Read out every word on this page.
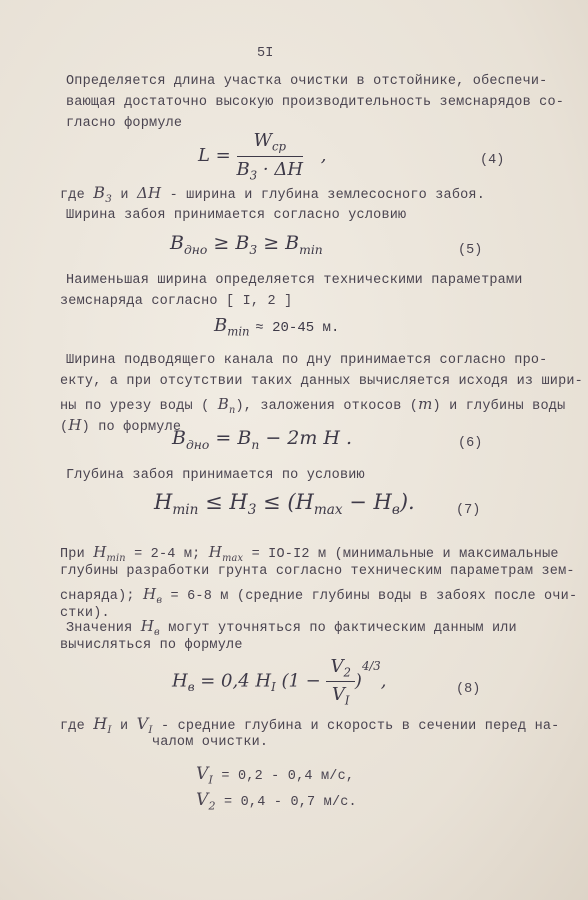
5I
Определяется длина участка очистки в отстойнике, обеспечи-
вающая достаточно высокую производительность земснарядов со-
гласно формуле
$L = \frac{W_{cp}}{B_3 \cdot \Delta H}$ ,	(4)
где $B_3$ и ΔH - ширина и глубина землесосного забоя.
Ширина забоя принимается согласно условию
$B_{дно} \ge B_3 \ge B_{min}$	(5)
Наименьшая ширина определяется техническими параметрами
земснаряда согласно [ I, 2 ]
$B_{min} \approx 20-45$ м.
Ширина подводящего канала по дну принимается согласно про-
екту, а при отсутствии таких данных вычисляется исходя из шири-
ны по урезу воды ( $B_n$), заложения откосов (m) и глубины воды
(H) по формуле
$B_{дно} = B_n - 2m$ H .	(6)
Глубина забоя принимается по условию
$H_{min} \le H_3 \le (H_{max} - H_в)$.	(7)
При $H_{min} = 2-4$ м; $H_{max} = IO-I2$ м (минимальные и максимальные
глубины разработки грунта согласно техническим параметрам зем-
снаряда); $H_в = 6-8$ м (средние глубины воды в забоях после очи-
стки).
Значения $H_в$ могут уточняться по фактическим данным или
вычисляться по формуле
$H_в = 0,4$ $H_I$ $(1 - \frac{V_2}{V_I} )^{4/3}$,	(8)
где $H_I$ и $V_I$ - средние глубина и скорость в сечении перед на-
чалом очистки.
$V_I = 0,2 - 0,4$ м/с,
$V_2 = 0,4 - 0,7$ м/с.
